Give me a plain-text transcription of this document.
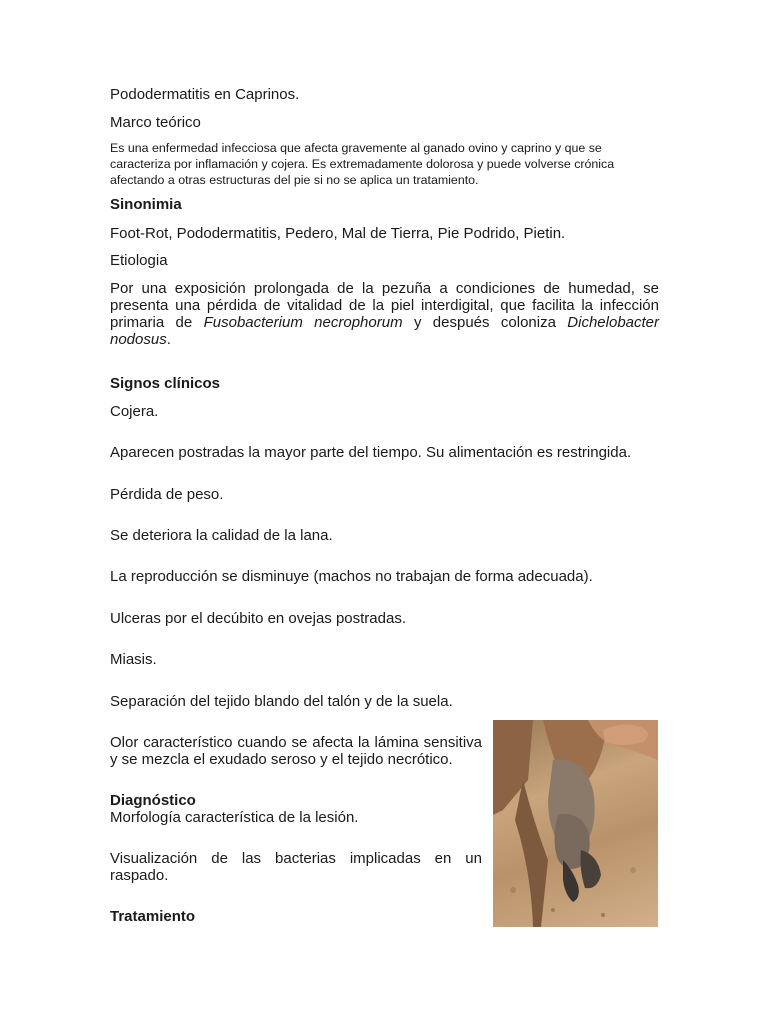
Pododermatitis en Caprinos.

Marco teórico

Es una enfermedad infecciosa que afecta gravemente al ganado ovino y caprino y que se caracteriza por inflamación y cojera. Es extremadamente dolorosa y puede volverse crónica afectando a otras estructuras del pie si no se aplica un tratamiento.

Sinonimia

Foot-Rot, Pododermatitis, Pedero, Mal de Tierra, Pie Podrido, Pietin.

Etiologia

Por una exposición prolongada de la pezuña a condiciones de humedad, se presenta una pérdida de vitalidad de la piel interdigital, que facilita la infección primaria de Fusobacterium necrophorum y después coloniza Dichelobacter nodosus.

Signos clínicos

Cojera.

Aparecen postradas la mayor parte del tiempo. Su alimentación es restringida.

Pérdida de peso.

Se deteriora la calidad de la lana.

La reproducción se disminuye (machos no trabajan de forma adecuada).

Ulceras por el decúbito en ovejas postradas.

Miasis.

Separación del tejido blando del talón y de la suela.

Olor característico cuando se afecta la lámina sensitiva y se mezcla el exudado seroso y el tejido necrótico.

Diagnóstico

Morfología característica de la lesión.

Visualización de las bacterias implicadas en un raspado.

Tratamiento
